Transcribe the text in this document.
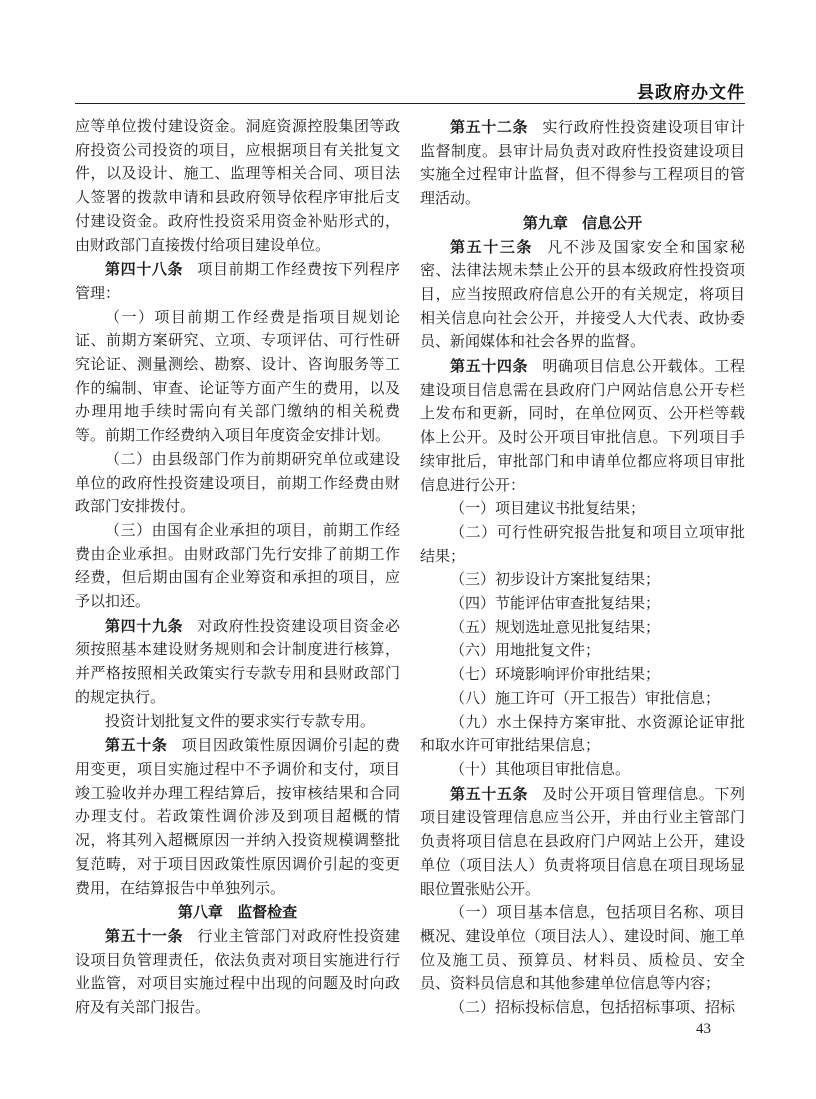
县政府办文件
应等单位拨付建设资金。洞庭资源控股集团等政府投资公司投资的项目，应根据项目有关批复文件，以及设计、施工、监理等相关合同、项目法人签署的拨款申请和县政府领导依程序审批后支付建设资金。政府性投资采用资金补贴形式的，由财政部门直接拨付给项目建设单位。
第四十八条 项目前期工作经费按下列程序管理：
（一）项目前期工作经费是指项目规划论证、前期方案研究、立项、专项评估、可行性研究论证、测量测绘、勘察、设计、咨询服务等工作的编制、审查、论证等方面产生的费用，以及办理用地手续时需向有关部门缴纳的相关税费等。前期工作经费纳入项目年度资金安排计划。
（二）由县级部门作为前期研究单位或建设单位的政府性投资建设项目，前期工作经费由财政部门安排拨付。
（三）由国有企业承担的项目，前期工作经费由企业承担。由财政部门先行安排了前期工作经费，但后期由国有企业筹资和承担的项目，应予以扣还。
第四十九条 对政府性投资建设项目资金必须按照基本建设财务规则和会计制度进行核算，并严格按照相关政策实行专款专用和县财政部门的规定执行。
投资计划批复文件的要求实行专款专用。
第五十条 项目因政策性原因调价引起的费用变更，项目实施过程中不予调价和支付，项目竣工验收并办理工程结算后，按审核结果和合同办理支付。若政策性调价涉及到项目超概的情况，将其列入超概原因一并纳入投资规模调整批复范畴，对于项目因政策性原因调价引起的变更费用，在结算报告中单独列示。
第八章 监督检查
第五十一条 行业主管部门对政府性投资建设项目负管理责任，依法负责对项目实施进行行业监管，对项目实施过程中出现的问题及时向政府及有关部门报告。
第五十二条 实行政府性投资建设项目审计监督制度。县审计局负责对政府性投资建设项目实施全过程审计监督，但不得参与工程项目的管理活动。
第九章 信息公开
第五十三条 凡不涉及国家安全和国家秘密、法律法规未禁止公开的县本级政府性投资项目，应当按照政府信息公开的有关规定，将项目相关信息向社会公开，并接受人大代表、政协委员、新闻媒体和社会各界的监督。
第五十四条 明确项目信息公开载体。工程建设项目信息需在县政府门户网站信息公开专栏上发布和更新，同时，在单位网页、公开栏等载体上公开。及时公开项目审批信息。下列项目手续审批后，审批部门和申请单位都应将项目审批信息进行公开：
（一）项目建议书批复结果；
（二）可行性研究报告批复和项目立项审批结果；
（三）初步设计方案批复结果；
（四）节能评估审查批复结果；
（五）规划选址意见批复结果；
（六）用地批复文件；
（七）环境影响评价审批结果；
（八）施工许可（开工报告）审批信息；
（九）水土保持方案审批、水资源论证审批和取水许可审批结果信息；
（十）其他项目审批信息。
第五十五条 及时公开项目管理信息。下列项目建设管理信息应当公开，并由行业主管部门负责将项目信息在县政府门户网站上公开，建设单位（项目法人）负责将项目信息在项目现场显眼位置张贴公开。
（一）项目基本信息，包括项目名称、项目概况、建设单位（项目法人）、建设时间、施工单位及施工员、预算员、材料员、质检员、安全员、资料员信息和其他参建单位信息等内容；
（二）招标投标信息，包括招标事项、招标
43
